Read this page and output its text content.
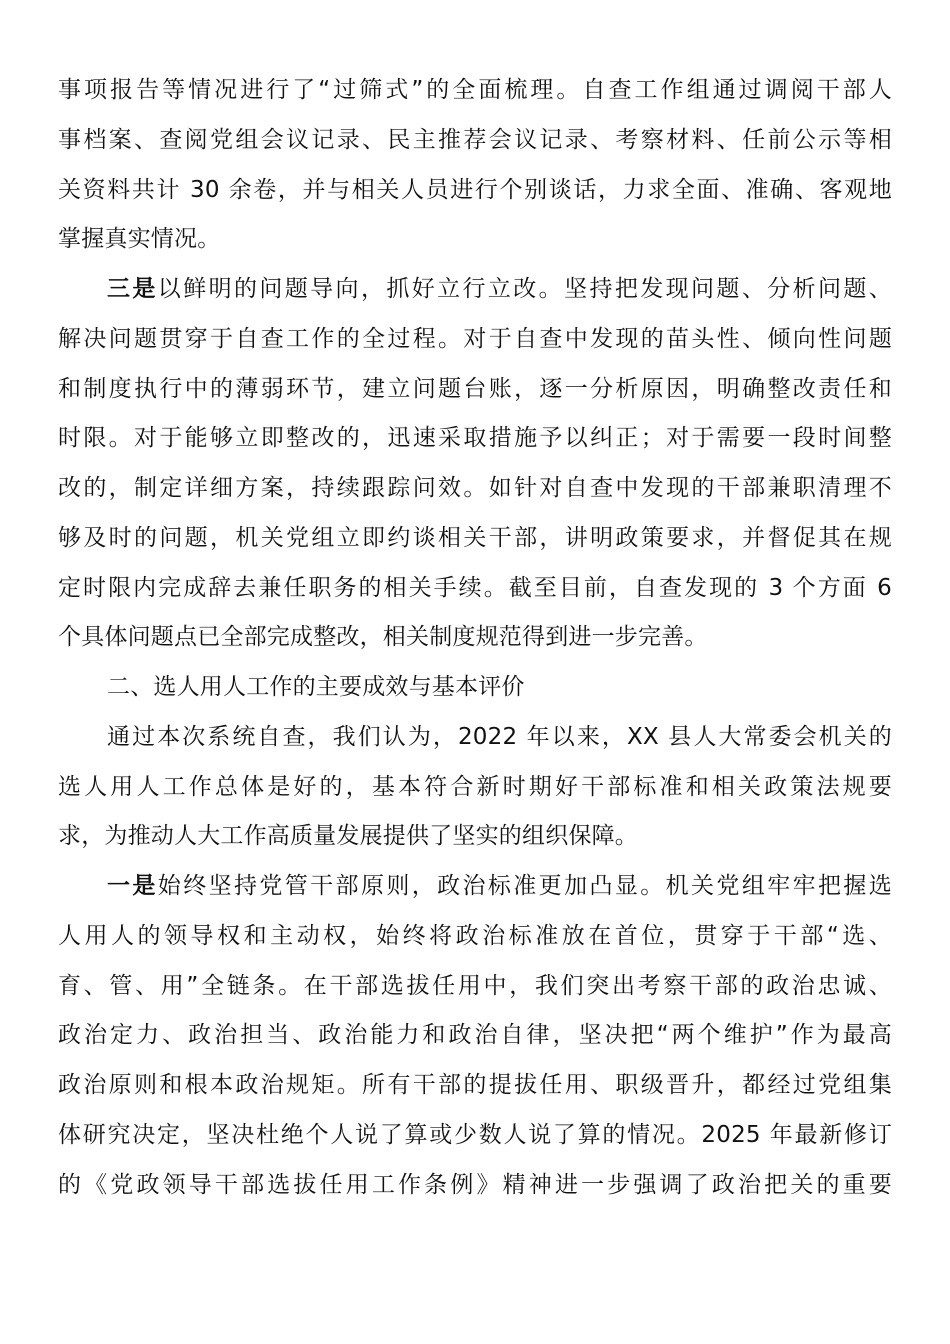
事项报告等情况进行了“过筛式”的全面梳理。自查工作组通过调阅干部人
事档案、查阅党组会议记录、民主推荐会议记录、考察材料、任前公示等相
关资料共计 30 余卷，并与相关人员进行个别谈话，力求全面、准确、客观地
掌握真实情况。
三是以鲜明的问题导向，抓好立行立改。坚持把发现问题、分析问题、
解决问题贯穿于自查工作的全过程。对于自查中发现的苗头性、倾向性问题
和制度执行中的薄弱环节，建立问题台账，逐一分析原因，明确整改责任和
时限。对于能够立即整改的，迅速采取措施予以纠正；对于需要一段时间整
改的，制定详细方案，持续跟踪问效。如针对自查中发现的干部兼职清理不
够及时的问题，机关党组立即约谈相关干部，讲明政策要求，并督促其在规
定时限内完成辞去兼任职务的相关手续。截至目前，自查发现的 3 个方面 6
个具体问题点已全部完成整改，相关制度规范得到进一步完善。
二、选人用人工作的主要成效与基本评价
通过本次系统自查，我们认为，2022 年以来，XX 县人大常委会机关的
选人用人工作总体是好的，基本符合新时期好干部标准和相关政策法规要
求，为推动人大工作高质量发展提供了坚实的组织保障。
一是始终坚持党管干部原则，政治标准更加凸显。机关党组牢牢把握选
人用人的领导权和主动权，始终将政治标准放在首位，贯穿于干部“选、
育、管、用”全链条。在干部选拔任用中，我们突出考察干部的政治忠诚、
政治定力、政治担当、政治能力和政治自律，坚决把“两个维护”作为最高
政治原则和根本政治规矩。所有干部的提拔任用、职级晋升，都经过党组集
体研究决定，坚决杜绝个人说了算或少数人说了算的情况。2025 年最新修订
的《党政领导干部选拔任用工作条例》精神进一步强调了政治把关的重要
